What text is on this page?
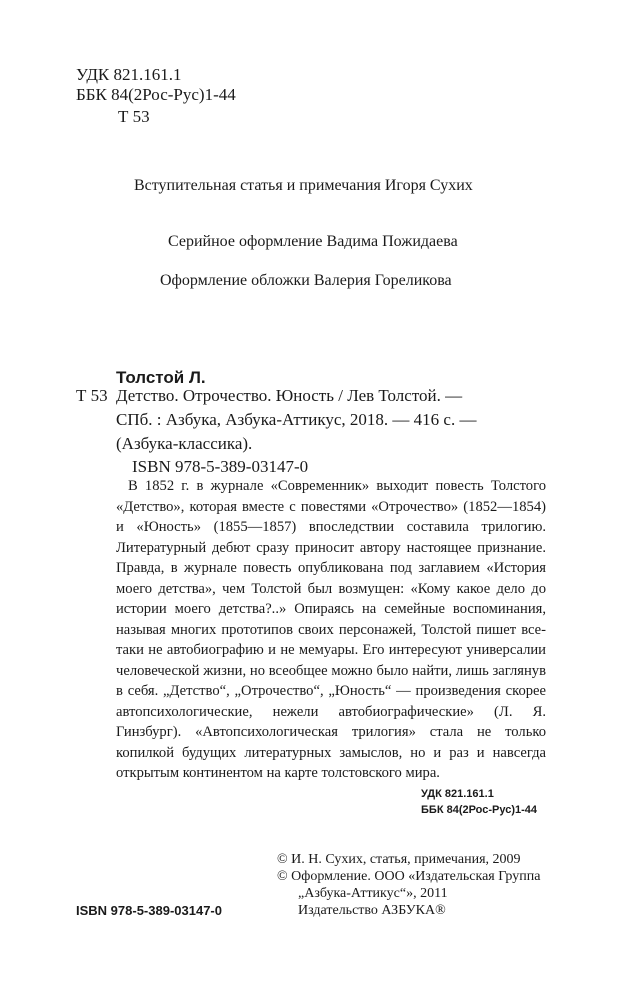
УДК 821.161.1
ББК 84(2Рос-Рус)1-44
Т 53
Вступительная статья и примечания Игоря Сухих
Серийное оформление Вадима Пожидаева
Оформление обложки Валерия Гореликова
Толстой Л.
Т 53 Детство. Отрочество. Юность / Лев Толстой. —
СПб. : Азбука, Азбука-Аттикус, 2018. — 416 с. —
(Азбука-классика).
ISBN 978-5-389-03147-0

В 1852 г. в журнале «Современник» выходит повесть Толстого «Детство», которая вместе с повестями «Отрочество» (1852—1854) и «Юность» (1855—1857) впоследствии составила трилогию. Литературный дебют сразу приносит автору настоящее признание. Правда, в журнале повесть опубликована под заглавием «История моего детства», чем Толстой был возмущен: «Кому какое дело до истории моего детства?..» Опираясь на семейные воспоминания, называя многих прототипов своих персонажей, Толстой пишет все-таки не автобиографию и не мемуары. Его интересуют универсалии человеческой жизни, но всеобщее можно было найти, лишь заглянув в себя. „Детство“, „Отрочество“, „Юность“ — произведения скорее автопсихологические, нежели автобиографические» (Л. Я. Гинзбург). «Автопсихологическая трилогия» стала не только копилкой будущих литературных замыслов, но и раз и навсегда открытым континентом на карте толстовского мира.

УДК 821.161.1
ББК 84(2Рос-Рус)1-44
© И. Н. Сухих, статья, примечания, 2009
© Оформление. ООО «Издательская Группа
„Азбука-Аттикус“», 2011
Издательство АЗБУКА®
ISBN 978-5-389-03147-0
